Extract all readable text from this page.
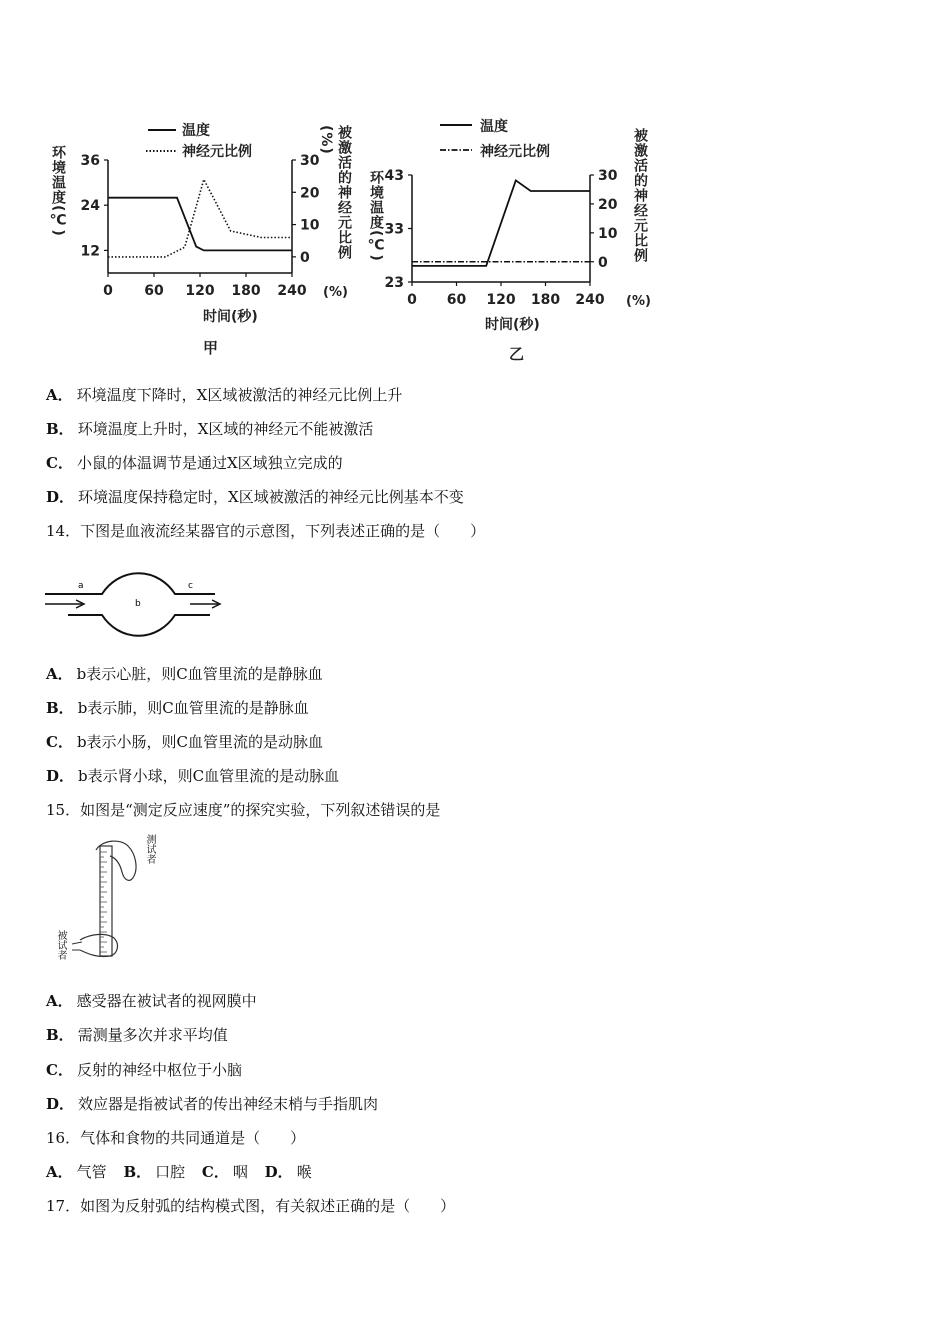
温度
神经元比例
36
24
12
30
20
10
0
0 60 120 180 240
时间(秒)
(%)
环境温度(℃)	被激活的神经元比例(%)
甲
温度
神经元比例
43
33
23
30
20
10
0
0 60 120 180 240
时间(秒)
(%)
环境温度(℃)	被激活的神经元比例
乙
A． 环境温度下降时，X区域被激活的神经元比例上升
B． 环境温度上升时，X区域的神经元不能被激活
C． 小鼠的体温调节是通过X区域独立完成的
D． 环境温度保持稳定时，X区域被激活的神经元比例基本不变
14．下图是血液流经某器官的示意图，下列表述正确的是（　　）
a
b
c
A． b表示心脏，则C血管里流的是静脉血
B． b表示肺，则C血管里流的是静脉血
C． b表示小肠，则C血管里流的是动脉血
D． b表示肾小球，则C血管里流的是动脉血
15．如图是“测定反应速度”的探究实验，下列叙述错误的是
测试者
被试者
A． 感受器在被试者的视网膜中
B． 需测量多次并求平均值
C． 反射的神经中枢位于小脑
D． 效应器是指被试者的传出神经末梢与手指肌肉
16．气体和食物的共同通道是（　　）
A． 气管 B． 口腔 C． 咽 D． 喉
17．如图为反射弧的结构模式图，有关叙述正确的是（　　）
